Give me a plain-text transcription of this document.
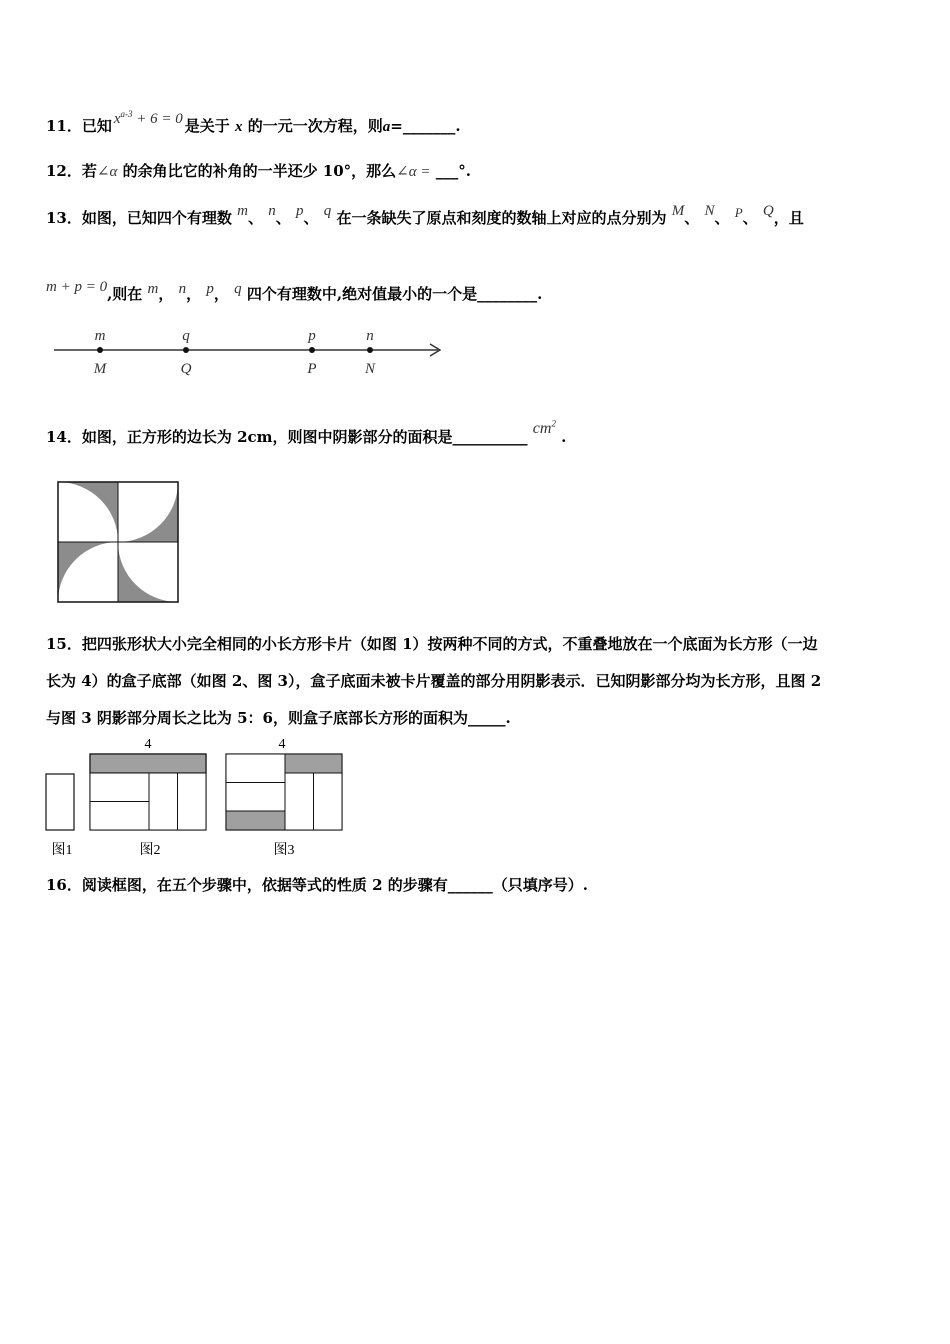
11．已知 $x^{a-3} + 6 = 0$ 是关于 x 的一元一次方程，则a=_______.
12．若∠α 的余角比它的补角的一半还少 10°，那么∠α = ___°.
13．如图，已知四个有理数 m、 n、 p、 q 在一条缺失了原点和刻度的数轴上对应的点分别为 M、 N、 P、 Q，且
m + p = 0,则在 m， n， p， q 四个有理数中,绝对值最小的一个是________.
m	q	p	n
M	Q	P	N
14．如图，正方形的边长为 2cm，则图中阴影部分的面积是__________ $cm^2$ .
15．把四张形状大小完全相同的小长方形卡片（如图 1）按两种不同的方式，不重叠地放在一个底面为长方形（一边
长为 4）的盒子底部（如图 2、图 3），盒子底面未被卡片覆盖的部分用阴影表示．已知阴影部分均为长方形，且图 2
与图 3 阴影部分周长之比为 5：6，则盒子底部长方形的面积为_____.
4	4
图1	图2	图3
16．阅读框图，在五个步骤中，依据等式的性质 2 的步骤有______（只填序号）.
